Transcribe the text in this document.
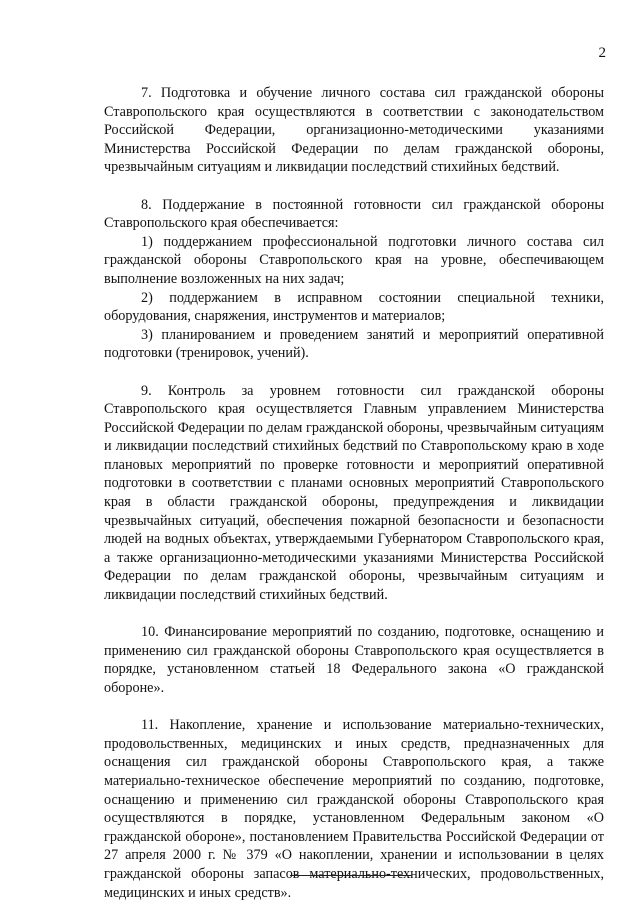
2

7. Подготовка и обучение личного состава сил гражданской обороны Ставропольского края осуществляются в соответствии с законодательством Российской Федерации, организационно-методическими указаниями Министерства Российской Федерации по делам гражданской обороны, чрезвычайным ситуациям и ликвидации последствий стихийных бедствий.

8. Поддержание в постоянной готовности сил гражданской обороны Ставропольского края обеспечивается:

1) поддержанием профессиональной подготовки личного состава сил гражданской обороны Ставропольского края на уровне, обеспечивающем выполнение возложенных на них задач;

2) поддержанием в исправном состоянии специальной техники, оборудования, снаряжения, инструментов и материалов;

3) планированием и проведением занятий и мероприятий оперативной подготовки (тренировок, учений).

9. Контроль за уровнем готовности сил гражданской обороны Ставропольского края осуществляется Главным управлением Министерства Российской Федерации по делам гражданской обороны, чрезвычайным ситуациям и ликвидации последствий стихийных бедствий по Ставропольскому краю в ходе плановых мероприятий по проверке готовности и мероприятий оперативной подготовки в соответствии с планами основных мероприятий Ставропольского края в области гражданской обороны, предупреждения и ликвидации чрезвычайных ситуаций, обеспечения пожарной безопасности и безопасности людей на водных объектах, утверждаемыми Губернатором Ставропольского края, а также организационно-методическими указаниями Министерства Российской Федерации по делам гражданской обороны, чрезвычайным ситуациям и ликвидации последствий стихийных бедствий.

10. Финансирование мероприятий по созданию, подготовке, оснащению и применению сил гражданской обороны Ставропольского края осуществляется в порядке, установленном статьей 18 Федерального закона «О гражданской обороне».

11. Накопление, хранение и использование материально-технических, продовольственных, медицинских и иных средств, предназначенных для оснащения сил гражданской обороны Ставропольского края, а также материально-техническое обеспечение мероприятий по созданию, подготовке, оснащению и применению сил гражданской обороны Ставропольского края осуществляются в порядке, установленном Федеральным законом «О гражданской обороне», постановлением Правительства Российской Федерации от 27 апреля 2000 г. № 379 «О накоплении, хранении и использовании в целях гражданской обороны запасов материально-технических, продовольственных, медицинских и иных средств».
